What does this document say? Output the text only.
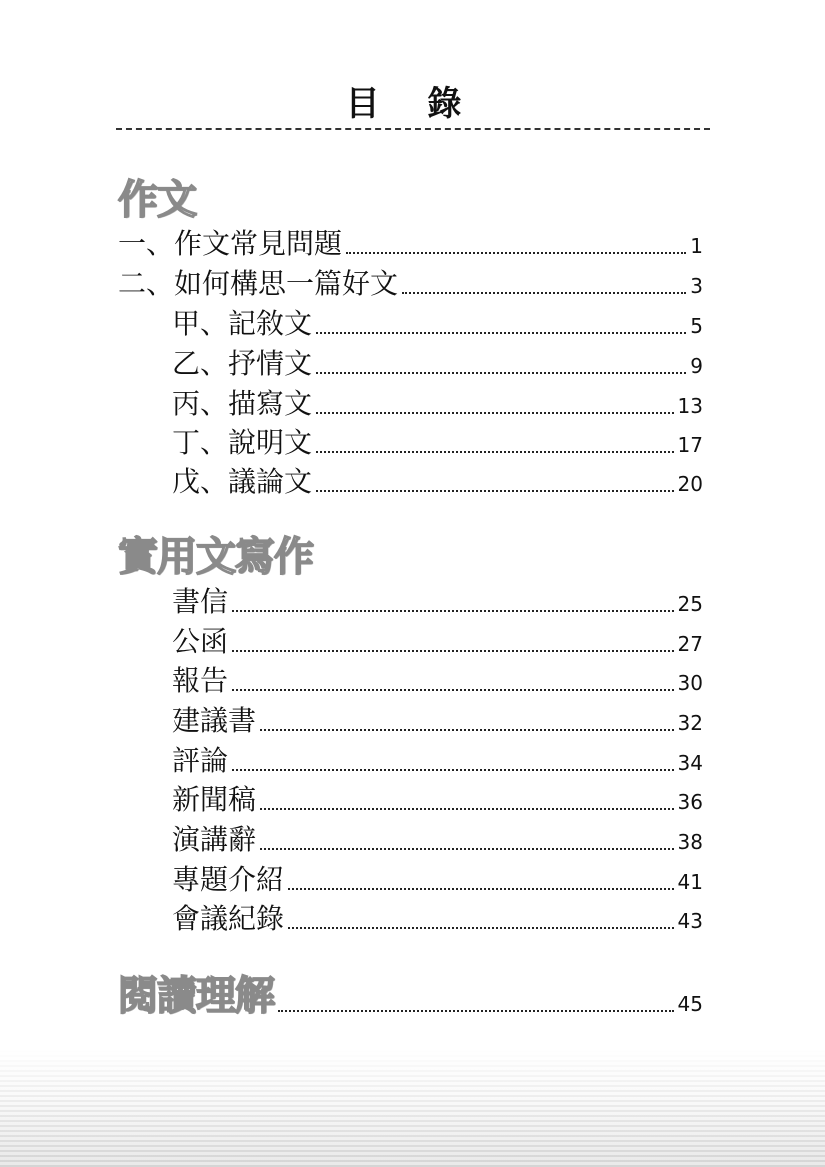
目 錄
作文
一、作文常見問題	1
二、如何構思一篇好文	3
甲、記敘文	5
乙、抒情文	9
丙、描寫文	13
丁、說明文	17
戊、議論文	20
實用文寫作
書信	25
公函	27
報告	30
建議書	32
評論	34
新聞稿	36
演講辭	38
專題介紹	41
會議紀錄	43
閱讀理解	45
